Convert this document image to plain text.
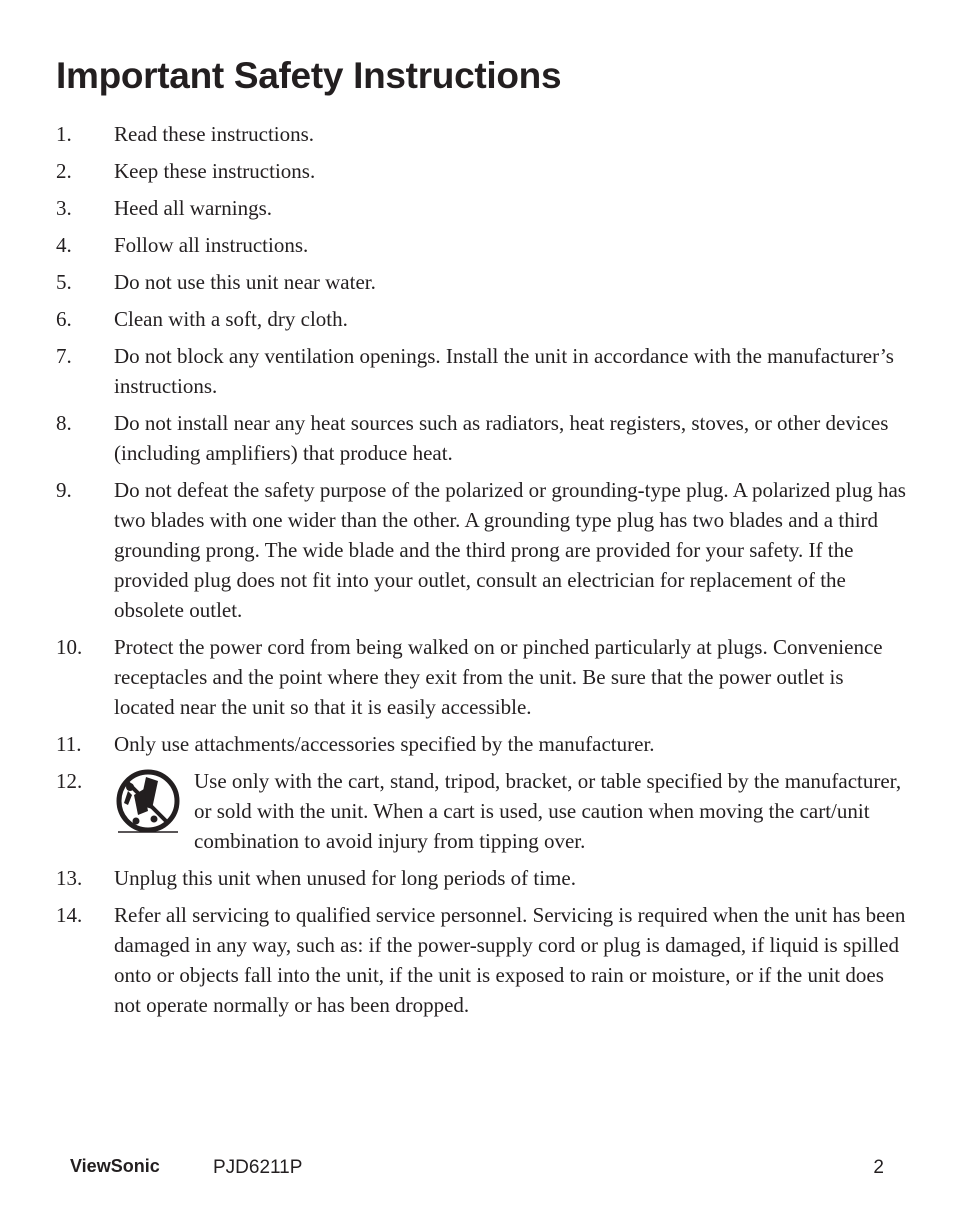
Important Safety Instructions
1.	Read these instructions.
2.	Keep these instructions.
3.	Heed all warnings.
4.	Follow all instructions.
5.	Do not use this unit near water.
6.	Clean with a soft, dry cloth.
7.	Do not block any ventilation openings. Install the unit in accordance with the manufacturer’s instructions.
8.	Do not install near any heat sources such as radiators, heat registers, stoves, or other devices (including amplifiers) that produce heat.
9.	Do not defeat the safety purpose of the polarized or grounding-type plug. A polarized plug has two blades with one wider than the other. A grounding type plug has two blades and a third grounding prong. The wide blade and the third prong are provided for your safety. If the provided plug does not fit into your outlet, consult an electrician for replacement of the obsolete outlet.
10.	Protect the power cord from being walked on or pinched particularly at plugs. Convenience receptacles and the point where they exit from the unit. Be sure that the power outlet is located near the unit so that it is easily accessible.
11.	Only use attachments/accessories specified by the manufacturer.
12.	Use only with the cart, stand, tripod, bracket, or table specified by the manufacturer, or sold with the unit. When a cart is used, use caution when moving the cart/unit combination to avoid injury from tipping over.
13.	Unplug this unit when unused for long periods of time.
14.	Refer all servicing to qualified service personnel. Servicing is required when the unit has been damaged in any way, such as: if the power-supply cord or plug is damaged, if liquid is spilled onto or objects fall into the unit, if the unit is exposed to rain or moisture, or if the unit does not operate normally or has been dropped.
ViewSonic	PJD6211P	2
